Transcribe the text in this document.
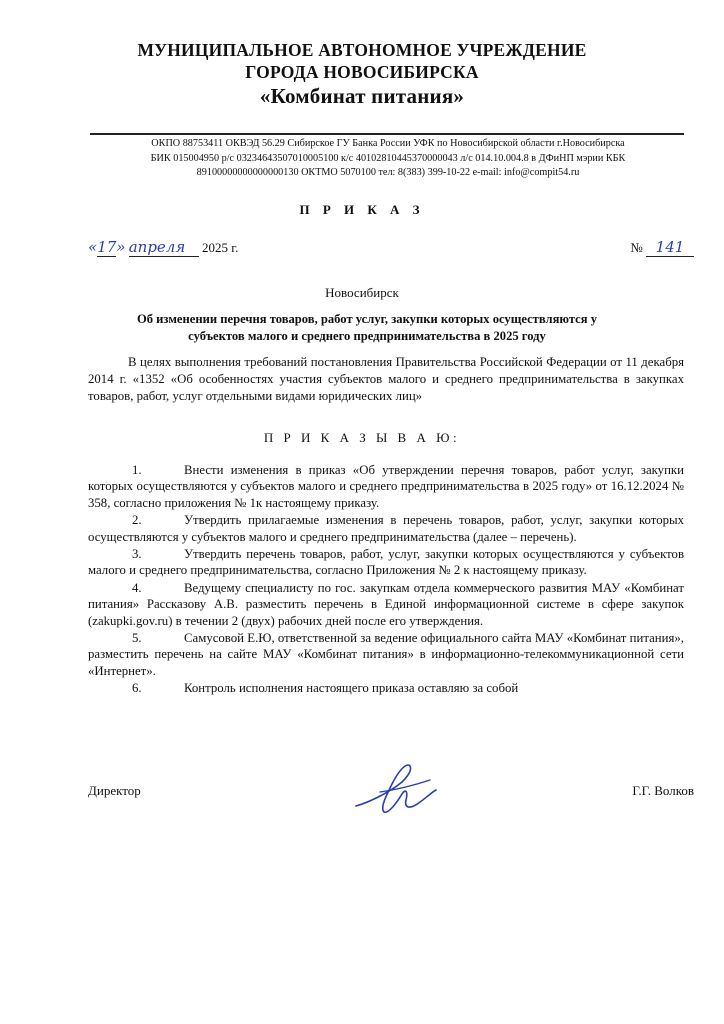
МУНИЦИПАЛЬНОЕ АВТОНОМНОЕ УЧРЕЖДЕНИЕ
ГОРОДА НОВОСИБИРСКА
«Комбинат питания»
ОКПО 88753411 ОКВЭД 56.29 Сибирское ГУ Банка России УФК по Новосибирской области г.Новосибирска
БИК 015004950 р/с 03234643507010005100 к/с 40102810445370000043 л/с 014.10.004.8 в ДФиНП мэрии КБК
89100000000000000130 ОКТМО 5070100 тел: 8(383) 399-10-22 e-mail: info@compit54.ru
П Р И К А З
«17» апреля 2025 г.	№ 141
Новосибирск
Об изменении перечня товаров, работ услуг, закупки которых осуществляются у
субъектов малого и среднего предпринимательства в 2025 году
В целях выполнения требований постановления Правительства Российской Федерации от 11 декабря 2014 г. «1352 «Об особенностях участия субъектов малого и среднего предпринимательства в закупках товаров, работ, услуг отдельными видами юридических лиц»
П Р И К А З Ы В А Ю:
1.	Внести изменения в приказ «Об утверждении перечня товаров, работ услуг, закупки которых осуществляются у субъектов малого и среднего предпринимательства в 2025 году» от 16.12.2024 № 358, согласно приложения № 1к настоящему приказу.
2.	Утвердить прилагаемые изменения в перечень товаров, работ, услуг, закупки которых осуществляются у субъектов малого и среднего предпринимательства (далее – перечень).
3.	Утвердить перечень товаров, работ, услуг, закупки которых осуществляются у субъектов малого и среднего предпринимательства, согласно Приложения № 2 к настоящему приказу.
4.	Ведущему специалисту по гос. закупкам отдела коммерческого развития МАУ «Комбинат питания» Рассказову А.В. разместить перечень в Единой информационной системе в сфере закупок (zakupki.gov.ru) в течении 2 (двух) рабочих дней после его утверждения.
5.	Самусовой Е.Ю, ответственной за ведение официального сайта МАУ «Комбинат питания», разместить перечень на сайте МАУ «Комбинат питания» в информационно-телекоммуникационной сети «Интернет».
6.	Контроль исполнения настоящего приказа оставляю за собой
Директор	Г.Г. Волков
